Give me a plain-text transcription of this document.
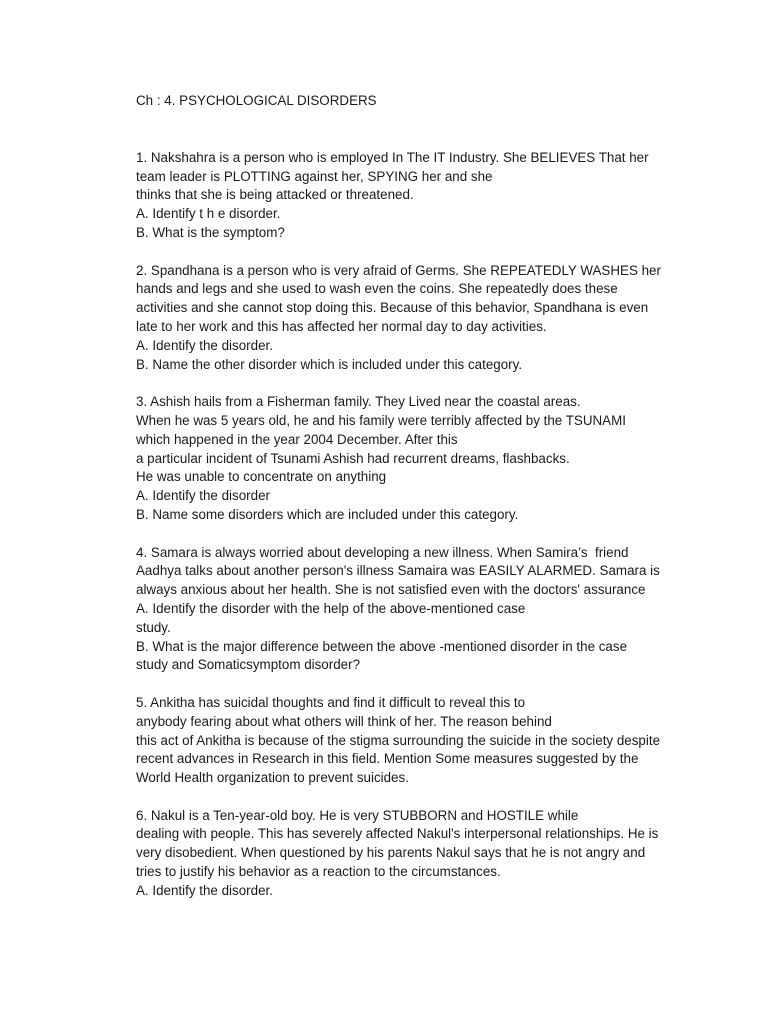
Ch : 4. PSYCHOLOGICAL DISORDERS
1. Nakshahra is a person who is employed In The IT Industry. She BELIEVES That her
team leader is PLOTTING against her, SPYING her and she
thinks that she is being attacked or threatened.
A. Identify t h e disorder.
B. What is the symptom?
2. Spandhana is a person who is very afraid of Germs. She REPEATEDLY WASHES her
hands and legs and she used to wash even the coins. She repeatedly does these
activities and she cannot stop doing this. Because of this behavior, Spandhana is even
late to her work and this has affected her normal day to day activities.
A. Identify the disorder.
B. Name the other disorder which is included under this category.
3. Ashish hails from a Fisherman family. They Lived near the coastal areas.
When he was 5 years old, he and his family were terribly affected by the TSUNAMI
which happened in the year 2004 December. After this
a particular incident of Tsunami Ashish had recurrent dreams, flashbacks.
He was unable to concentrate on anything
A. Identify the disorder
B. Name some disorders which are included under this category.
4. Samara is always worried about developing a new illness. When Samira’s  friend
Aadhya talks about another person's illness Samaira was EASILY ALARMED. Samara is
always anxious about her health. She is not satisfied even with the doctors' assurance
A. Identify the disorder with the help of the above-mentioned case
study.
B. What is the major difference between the above -mentioned disorder in the case
study and Somaticsymptom disorder?
5. Ankitha has suicidal thoughts and find it difficult to reveal this to
anybody fearing about what others will think of her. The reason behind
this act of Ankitha is because of the stigma surrounding the suicide in the society despite
recent advances in Research in this field. Mention Some measures suggested by the
World Health organization to prevent suicides.
6. Nakul is a Ten-year-old boy. He is very STUBBORN and HOSTILE while
dealing with people. This has severely affected Nakul's interpersonal relationships. He is
very disobedient. When questioned by his parents Nakul says that he is not angry and
tries to justify his behavior as a reaction to the circumstances.
A. Identify the disorder.
